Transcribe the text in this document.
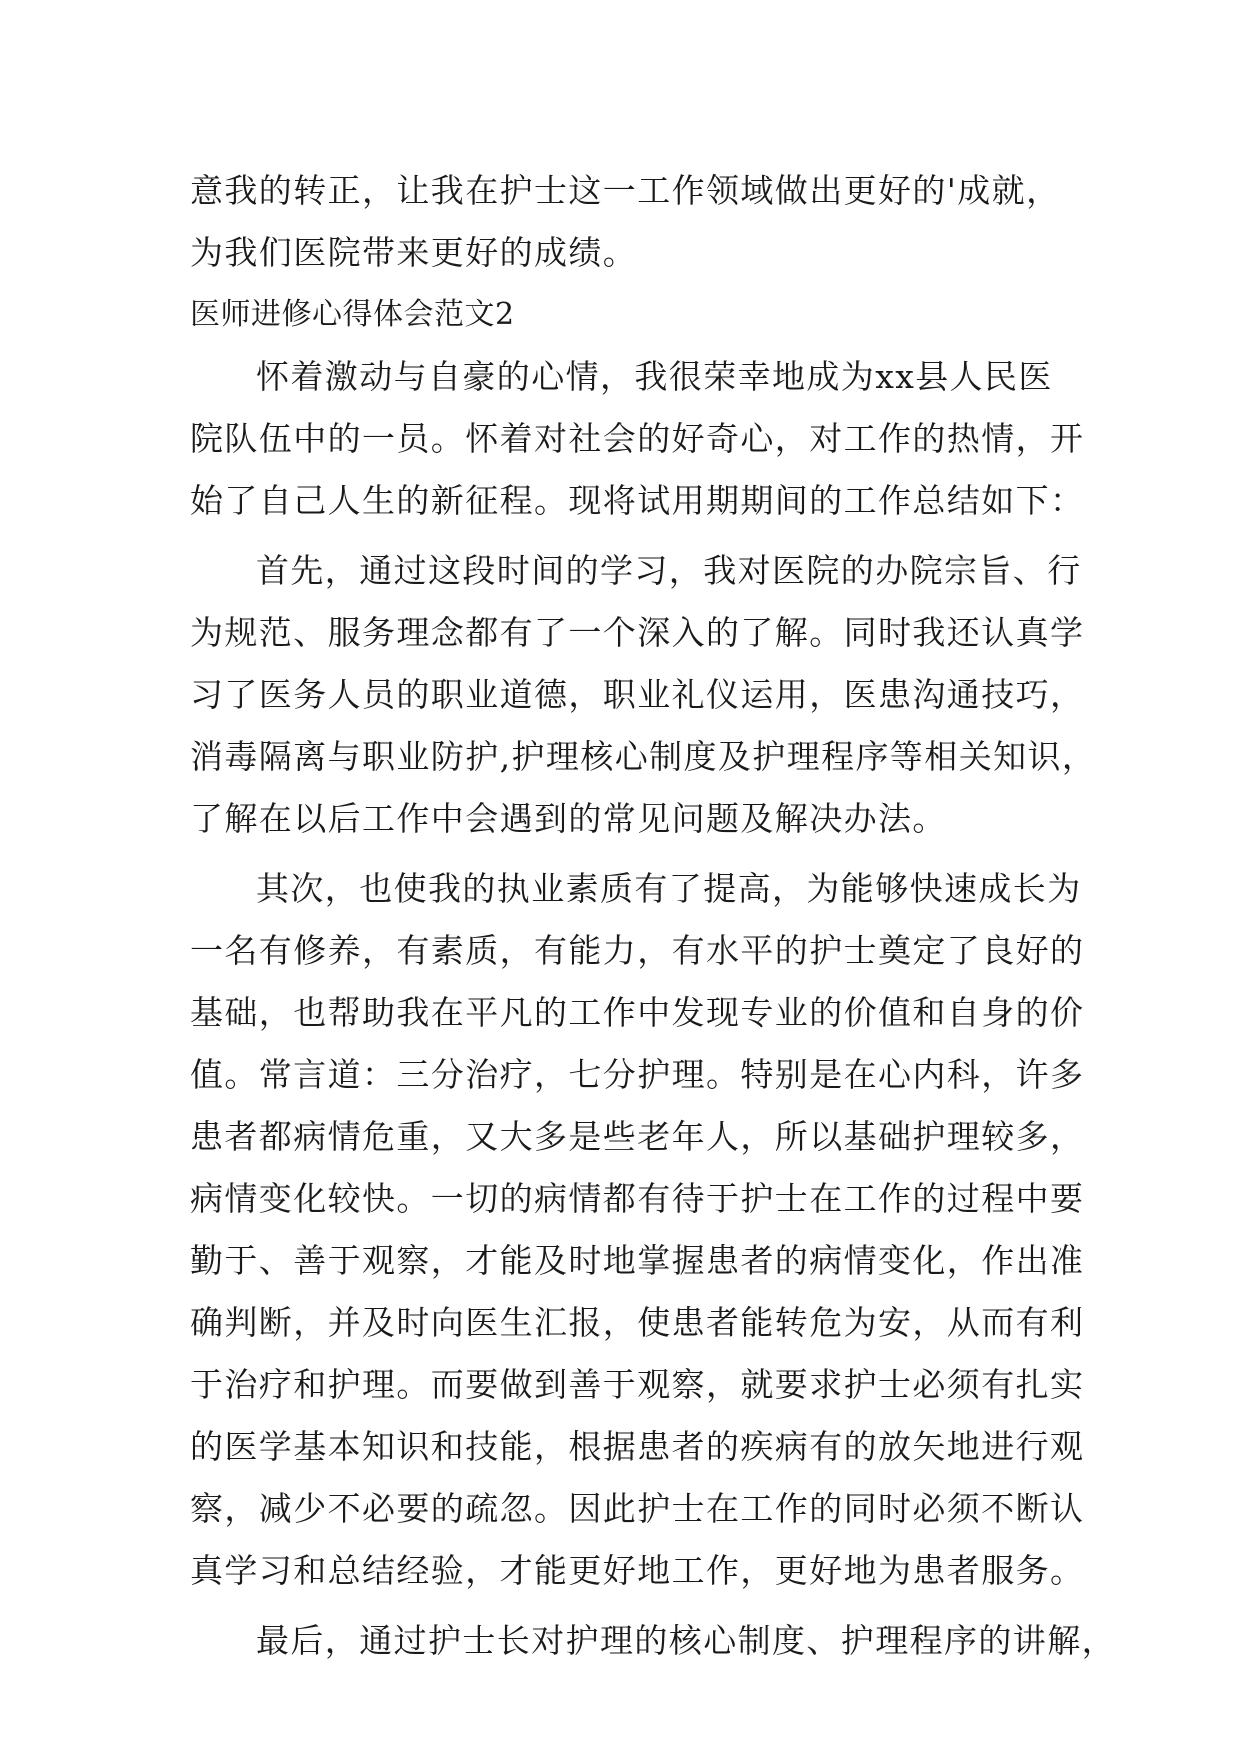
意我的转正，让我在护士这一工作领域做出更好的'成就，
为我们医院带来更好的成绩。
医师进修心得体会范文2
怀着激动与自豪的心情，我很荣幸地成为xx县人民医
院队伍中的一员。怀着对社会的好奇心，对工作的热情，开
始了自己人生的新征程。现将试用期期间的工作总结如下：
首先，通过这段时间的学习，我对医院的办院宗旨、行
为规范、服务理念都有了一个深入的了解。同时我还认真学
习了医务人员的职业道德，职业礼仪运用，医患沟通技巧，
消毒隔离与职业防护,护理核心制度及护理程序等相关知识，
了解在以后工作中会遇到的常见问题及解决办法。
其次，也使我的执业素质有了提高，为能够快速成长为
一名有修养，有素质，有能力，有水平的护士奠定了良好的
基础，也帮助我在平凡的工作中发现专业的价值和自身的价
值。常言道：三分治疗，七分护理。特别是在心内科，许多
患者都病情危重，又大多是些老年人，所以基础护理较多，
病情变化较快。一切的病情都有待于护士在工作的过程中要
勤于、善于观察，才能及时地掌握患者的病情变化，作出准
确判断，并及时向医生汇报，使患者能转危为安，从而有利
于治疗和护理。而要做到善于观察，就要求护士必须有扎实
的医学基本知识和技能，根据患者的疾病有的放矢地进行观
察，减少不必要的疏忽。因此护士在工作的同时必须不断认
真学习和总结经验，才能更好地工作，更好地为患者服务。
最后，通过护士长对护理的核心制度、护理程序的讲解，
